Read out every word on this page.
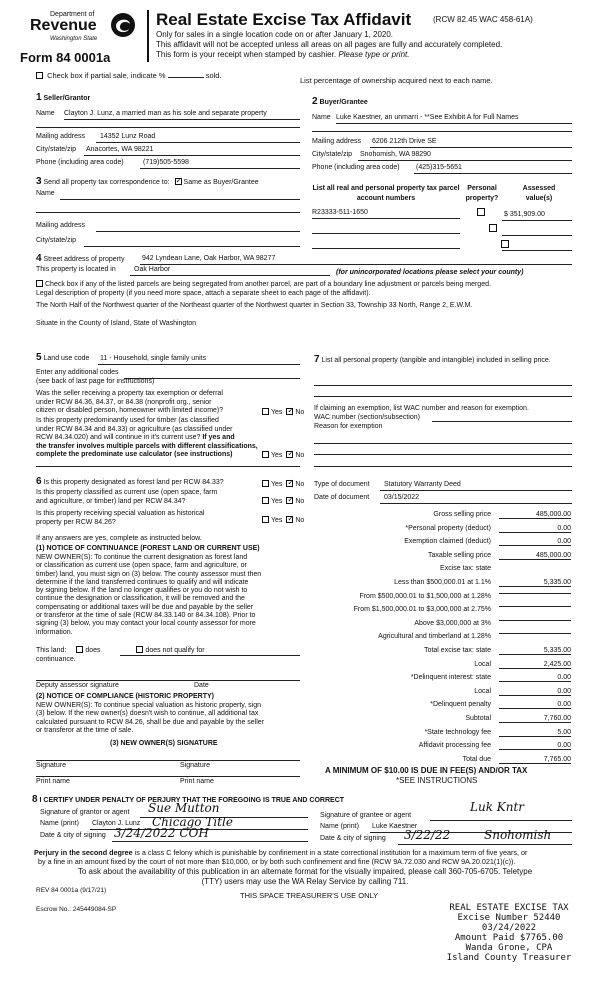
Department of
Revenue
Washington State
Form 84 0001a
Real Estate Excise Tax Affidavit	(RCW 82.45 WAC 458-61A)
Only for sales in a single location code on or after January 1, 2020.
This affidavit will not be accepted unless all areas on all pages are fully and accurately completed.
This form is your receipt when stamped by cashier. Please type or print.
Check box if partial sale, indicate %	sold.
List percentage of ownership acquired next to each name.
1 Seller/Grantor
Name Clayton J. Lunz, a married man as his sole and separate property
Mailing address 14352 Lunz Road
City/state/zip Anacortes, WA 98221
Phone (including area code)	(719)505-5598
2 Buyer/Grantee
Name Luke Kaestner, an unmarri - **See Exhibit A for Full Names
Mailing address 6206 212th Drive SE
City/state/zip Snohomish, WA 98290
Phone (including area code) (425)315-5651
3 Send all property tax correspondence to: ✓ Same as Buyer/Grantee
Name
Mailing address
City/state/zip
List all real and personal property tax parcel account numbers
Personal property?
Assessed value(s)
R23333-511-1650
	$ 351,909.00
4 Street address of property	942 Lyndean Lane, Oak Harbor, WA 98277
This property is located in	Oak Harbor	(for unincorporated locations please select your county)
Check box if any of the listed parcels are being segregated from another parcel, are part of a boundary line adjustment or parcels being merged.
Legal description of property (if you need more space, attach a separate sheet to each page of the affidavit).
The North Half of the Northwest quarter of the Northeast quarter of the Northwest quarter in Section 33, Township 33 North, Range 2, E.W.M.
Situate in the County of Island, State of Washington
5 Land use code 11 - Household, single family units
Enter any additional codes
(see back of last page for instructions)
Was the seller receiving a property tax exemption or deferral
under RCW 84.36, 84.37, or 84.38 (nonprofit org., senior
citizen or disabled person, homeowner with limited income)?	Yes ✓ No
Is this property predominantly used for timber (as classified
under RCW 84.34 and 84.33) or agriculture (as classified under
RCW 84.34.020) and will continue in it's current use? If yes and
the transfer involves multiple parcels with different classifications,
complete the predominate use calculator (see instructions)	Yes ✓ No
7 List all personal property (tangible and intangible) included in selling price.
If claiming an exemption, list WAC number and reason for exemption.
WAC number (section/subsection)
Reason for exemption
Type of document Statutory Warranty Deed
Date of document 03/15/2022
6 Is this property designated as forest land per RCW 84.33?	Yes ✓ No
Is this property classified as current use (open space, farm
and agriculture, or timber) land per RCW 84.34?	Yes ✓ No
Is this property receiving special valuation as historical
property per RCW 84.26?	Yes ✓ No
If any answers are yes, complete as instructed below.
(1) NOTICE OF CONTINUANCE (FOREST LAND OR CURRENT USE)
NEW OWNER(S): To continue the current designation as forest land
or classification as current use (open space, farm and agriculture, or
timber) land, you must sign on (3) below. The county assessor must then
determine if the land transferred continues to qualify and will indicate
by signing below. If the land no longer qualifies or you do not wish to
continue the designation or classification, it will be removed and the
compensating or additional taxes will be due and payable by the seller
or transferor at the time of sale (RCW 84.33.140 or 84.34.108). Prior to
signing (3) below, you may contact your local county assessor for more
information.
This land:	does	does not qualify for
continuance.
Deputy assessor signature	Date
(2) NOTICE OF COMPLIANCE (HISTORIC PROPERTY)
NEW OWNER(S): To continue special valuation as historic property, sign
(3) below. If the new owner(s) doesn't wish to continue, all additional tax
calculated pursuant to RCW 84.26, shall be due and payable by the seller
or transferor at the time of sale.
(3) NEW OWNER(S) SIGNATURE
Signature	Signature
Print name	Print name
Gross selling price	485,000.00
*Personal property (deduct)	0.00
Exemption claimed (deduct)	0.00
Taxable selling price	485,000.00
Excise tax: state
Less than $500,000.01 at 1.1%	5,335.00
From $500,000.01 to $1,500,000 at 1.28%
From $1,500,000.01 to $3,000,000 at 2.75%
Above $3,000,000 at 3%
Agricultural and timberland at 1.28%
Total excise tax: state	5,335.00
Local	2,425.00
*Delinquent interest: state	0.00
Local	0.00
*Delinquent penalty	0.00
Subtotal	7,760.00
*State technology fee	5.00
Affidavit processing fee	0.00
Total due	7,765.00
A MINIMUM OF $10.00 IS DUE IN FEE(S) AND/OR TAX
*SEE INSTRUCTIONS
8 I CERTIFY UNDER PENALTY OF PERJURY THAT THE FOREGOING IS TRUE AND CORRECT
Signature of grantor or agent Sue Mutton
Name (print) Clayton J. Lunz Chicago Title
Date & city of signing 3/24/2022 COH
Signature of grantee or agent
Luk Kntr
Name (print) Luke Kaestner
Date & city of signing 3/22/22	Snohomish
Perjury in the second degree is a class C felony which is punishable by confinement in a state correctional institution for a maximum term of five years, or
by a fine in an amount fixed by the court of not more than $10,000, or by both such confinement and fine (RCW 9A.72.030 and RCW 9A.20.021(1)(c)).
To ask about the availability of this publication in an alternate format for the visually impaired, please call 360-705-6705. Teletype
(TTY) users may use the WA Relay Service by calling 711.
THIS SPACE TREASURER'S USE ONLY
REV 84 0001a (9/17/21)
Escrow No.: 245449084-SP	REAL ESTATE EXCISE TAX
Excise Number 52440
03/24/2022
Amount Paid $7765.00
Wanda Grone, CPA
Island County Treasurer
